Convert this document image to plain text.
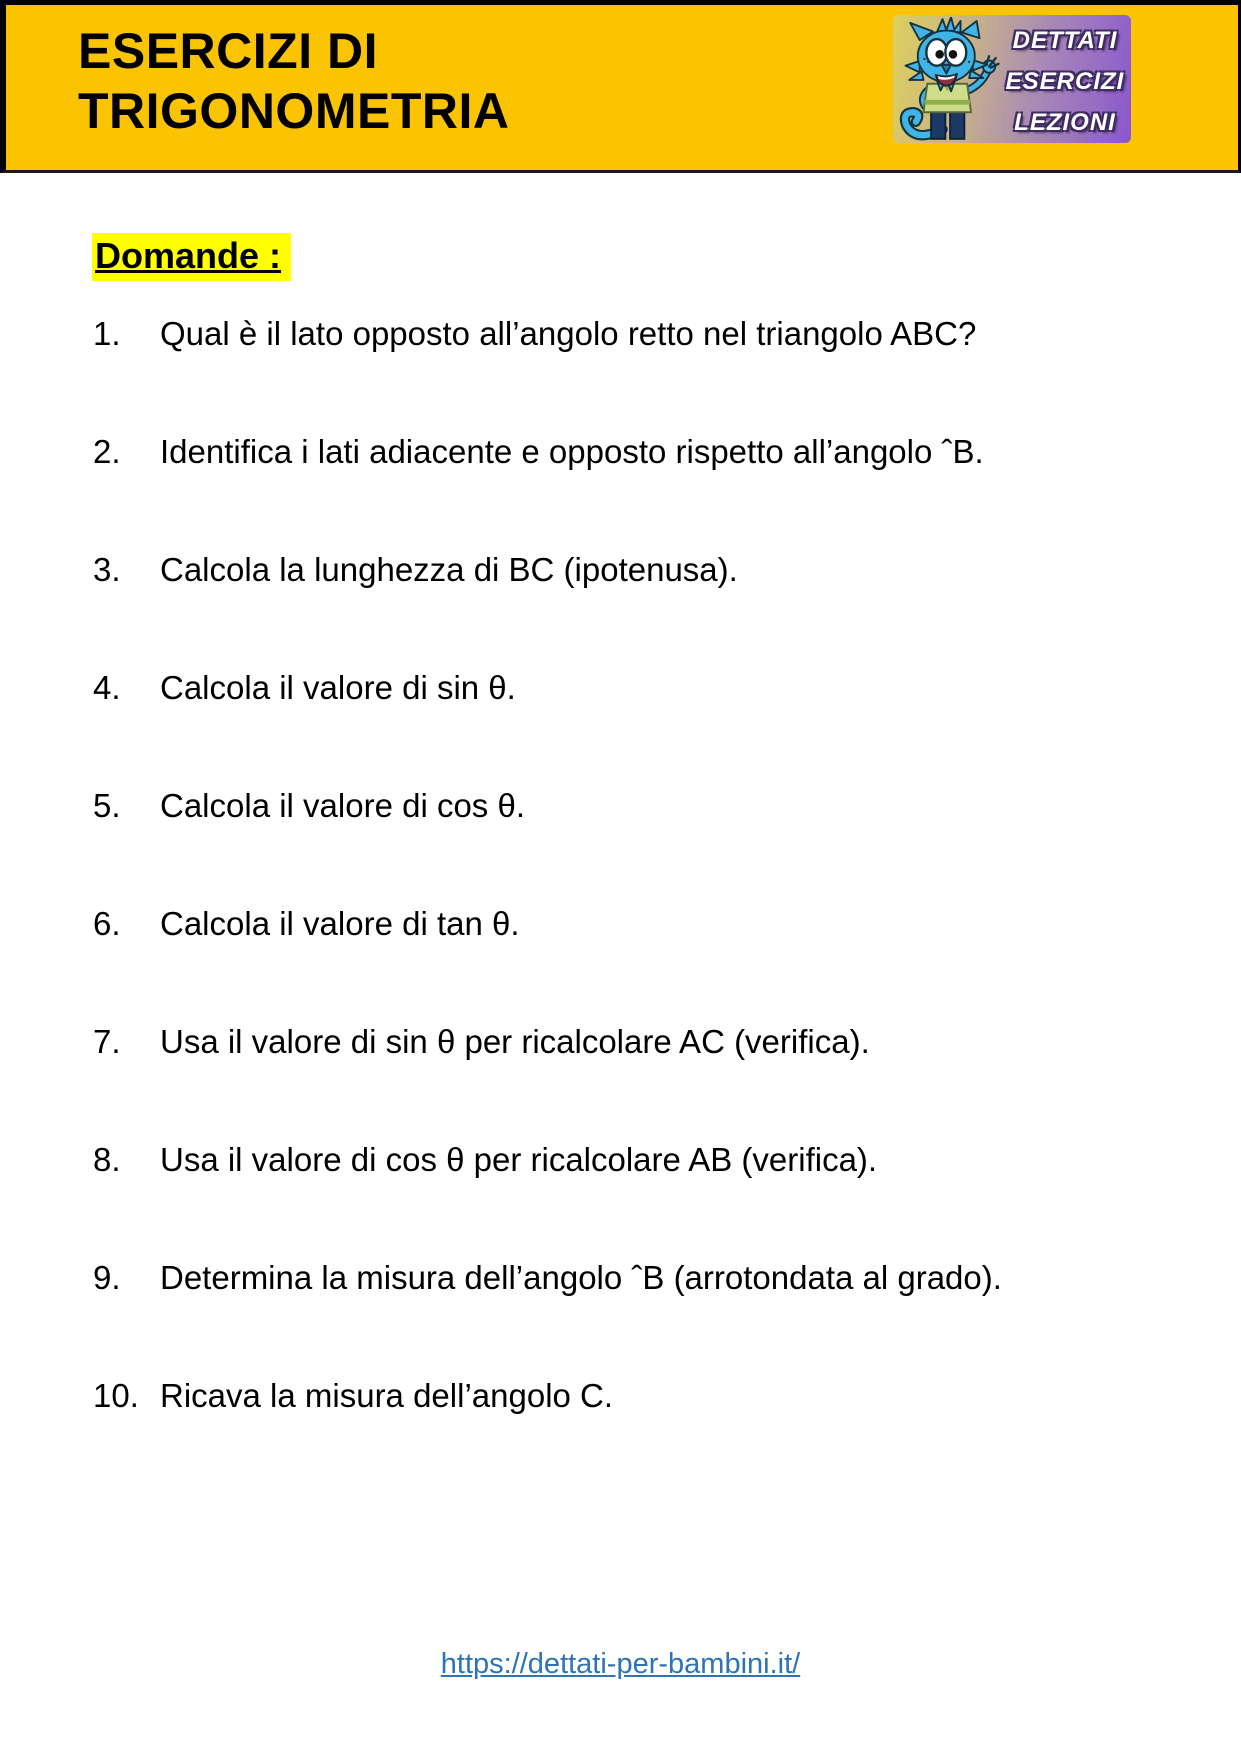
ESERCIZI DI TRIGONOMETRIA

DETTATI

ESERCIZI

LEZIONI

Domande :
1.	Qual è il lato opposto all’angolo retto nel triangolo ABC?
2.	Identifica i lati adiacente e opposto rispetto all’angolo ˆB.
3.	Calcola la lunghezza di BC (ipotenusa).
4.	Calcola il valore di sin θ.
5.	Calcola il valore di cos θ.
6.	Calcola il valore di tan θ.
7.	Usa il valore di sin θ per ricalcolare AC (verifica).
8.	Usa il valore di cos θ per ricalcolare AB (verifica).
9.	Determina la misura dell’angolo ˆB (arrotondata al grado).
10. Ricava la misura dell’angolo C.
https://dettati-per-bambini.it/
